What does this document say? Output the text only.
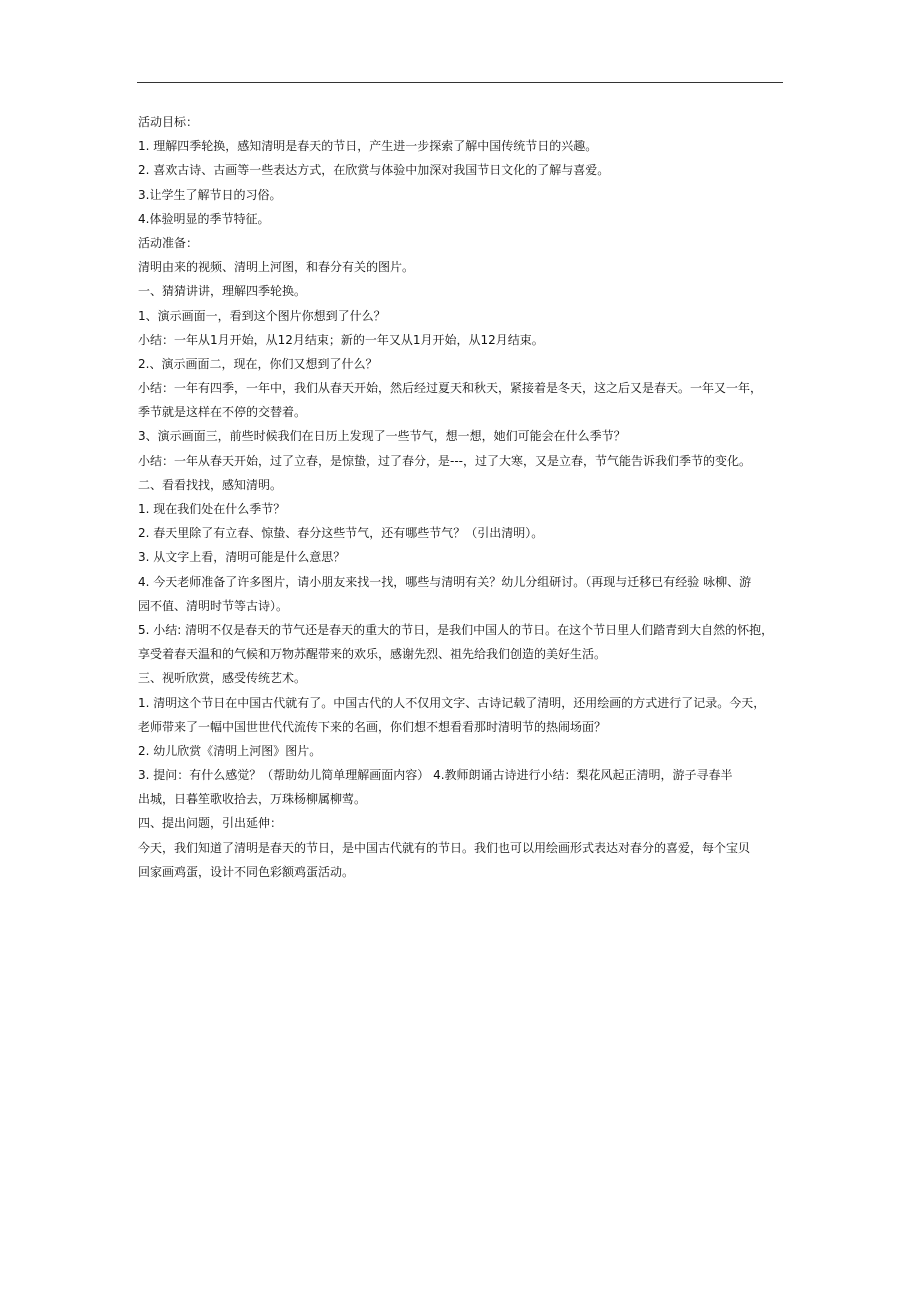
活动目标：
1. 理解四季轮换，感知清明是春天的节日，产生进一步探索了解中国传统节日的兴趣。
2. 喜欢古诗、古画等一些表达方式，在欣赏与体验中加深对我国节日文化的了解与喜爱。
3.让学生了解节日的习俗。
4.体验明显的季节特征。
活动准备：
清明由来的视频、清明上河图，和春分有关的图片。
一、猜猜讲讲，理解四季轮换。
1、演示画面一，看到这个图片你想到了什么？
小结：一年从1月开始，从12月结束；新的一年又从1月开始，从12月结束。
2.、演示画面二，现在，你们又想到了什么？
小结：一年有四季，一年中，我们从春天开始，然后经过夏天和秋天，紧接着是冬天，这之后又是春天。一年又一年，
季节就是这样在不停的交替着。
3、演示画面三，前些时候我们在日历上发现了一些节气，想一想，她们可能会在什么季节？
小结：一年从春天开始，过了立春，是惊蛰，过了春分，是---，过了大寒，又是立春，节气能告诉我们季节的变化。
二、看看找找，感知清明。
1. 现在我们处在什么季节？
2. 春天里除了有立春、惊蛰、春分这些节气，还有哪些节气？（引出清明）。
3. 从文字上看，清明可能是什么意思？
4. 今天老师准备了许多图片，请小朋友来找一找，哪些与清明有关？幼儿分组研讨。（再现与迁移已有经验 咏柳、游
园不值、清明时节等古诗）。
5. 小结: 清明不仅是春天的节气还是春天的重大的节日，是我们中国人的节日。在这个节日里人们踏青到大自然的怀抱，
享受着春天温和的气候和万物苏醒带来的欢乐，感谢先烈、祖先给我们创造的美好生活。
三、视听欣赏，感受传统艺术。
1. 清明这个节日在中国古代就有了。中国古代的人不仅用文字、古诗记载了清明，还用绘画的方式进行了记录。今天，
老师带来了一幅中国世世代代流传下来的名画，你们想不想看看那时清明节的热闹场面？
2. 幼儿欣赏《清明上河图》图片。
3. 提问：有什么感觉？（帮助幼儿简单理解画面内容） 4.教师朗诵古诗进行小结：梨花风起正清明，游子寻春半
出城，日暮笙歌收拾去，万珠杨柳属柳莺。
四、提出问题，引出延伸：
今天，我们知道了清明是春天的节日，是中国古代就有的节日。我们也可以用绘画形式表达对春分的喜爱，每个宝贝
回家画鸡蛋，设计不同色彩额鸡蛋活动。
